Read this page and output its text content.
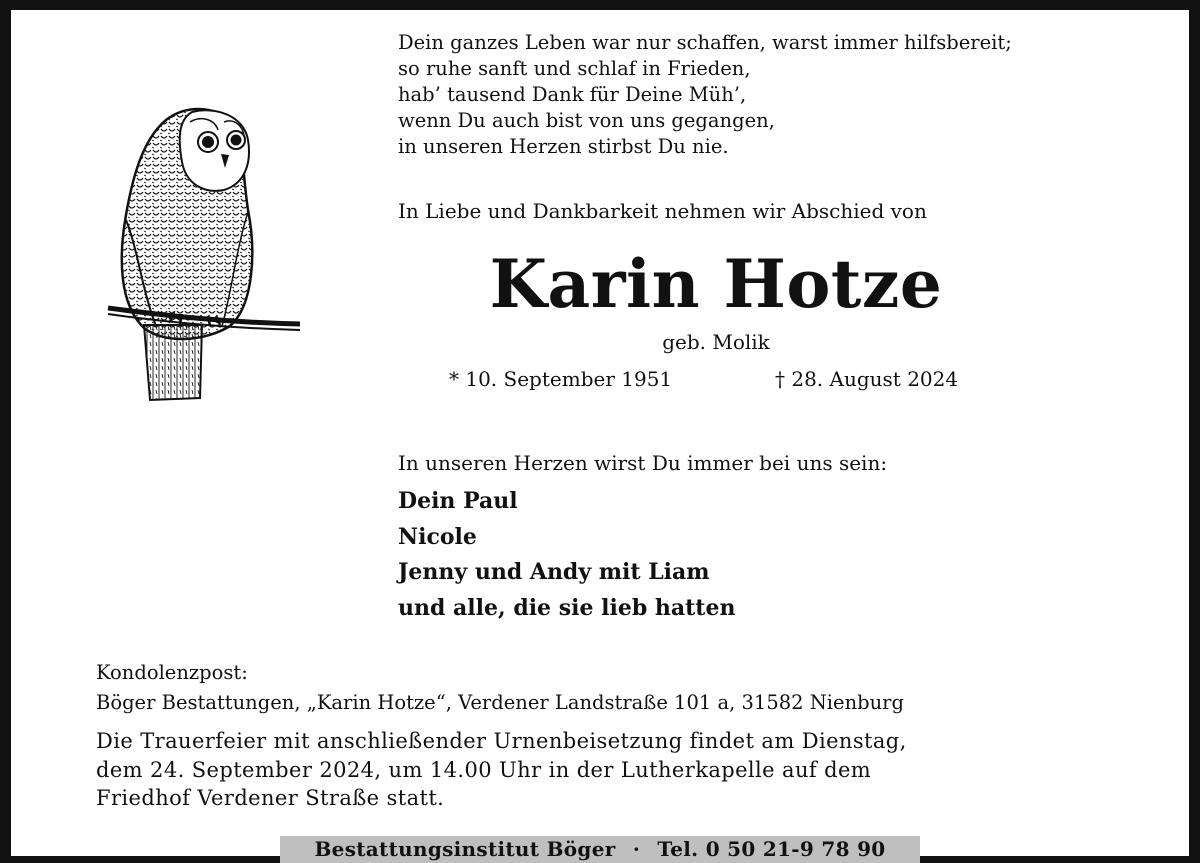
Dein ganzes Leben war nur schaffen, warst immer hilfsbereit;
so ruhe sanft und schlaf in Frieden,
hab’ tausend Dank für Deine Müh’,
wenn Du auch bist von uns gegangen,
in unseren Herzen stirbst Du nie.
In Liebe und Dankbarkeit nehmen wir Abschied von
Karin Hotze
geb. Molik
* 10. September 1951	† 28. August 2024
In unseren Herzen wirst Du immer bei uns sein:
Dein Paul
Nicole
Jenny und Andy mit Liam
und alle, die sie lieb hatten
Kondolenzpost:
Böger Bestattungen, „Karin Hotze“, Verdener Landstraße 101 a, 31582 Nienburg
Die Trauerfeier mit anschließender Urnenbeisetzung findet am Dienstag,
dem 24. September 2024, um 14.00 Uhr in der Lutherkapelle auf dem
Friedhof Verdener Straße statt.
Bestattungsinstitut Böger · Tel. 0 50 21-9 78 90
